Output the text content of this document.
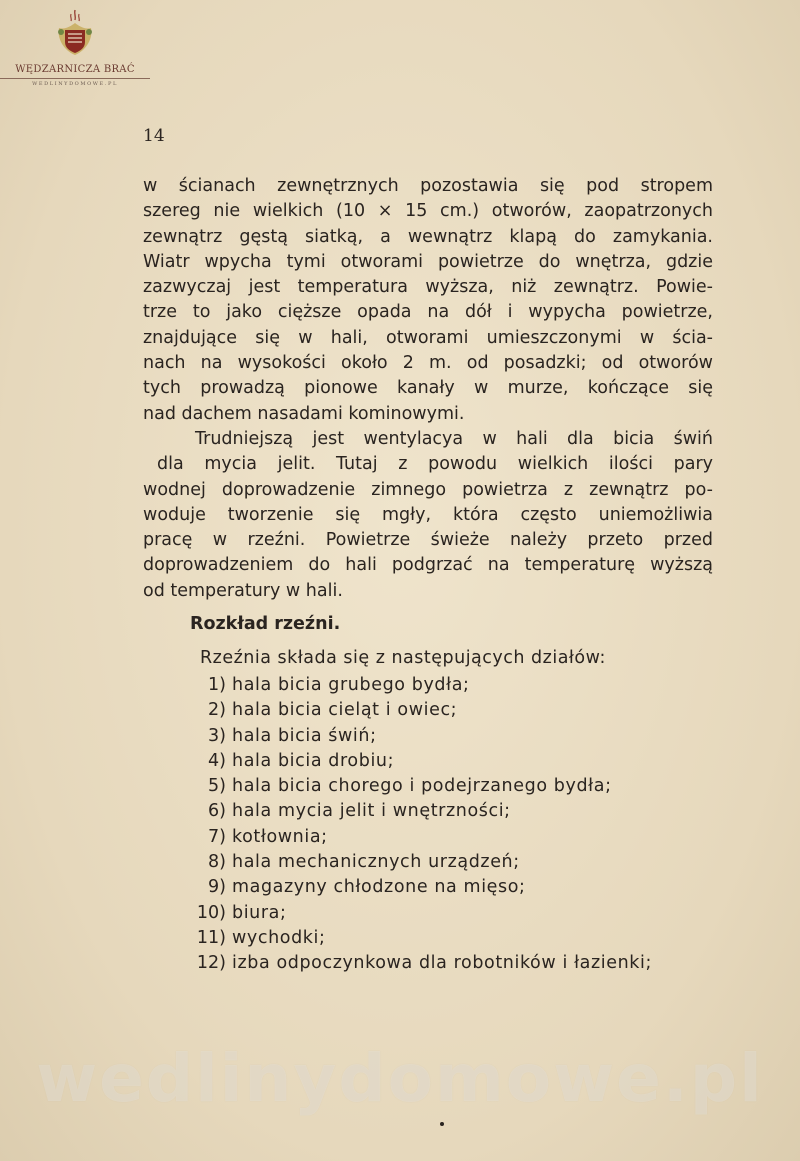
WĘDZARNICZA BRAĆ
WEDLINYDOMOWE.PL
14
w ścianach zewnętrznych pozostawia się pod stropem
szereg nie wielkich (10 × 15 cm.) otworów, zaopatrzonych
zewnątrz gęstą siatką, a wewnątrz klapą do zamykania.
Wiatr wpycha tymi otworami powietrze do wnętrza, gdzie
zazwyczaj jest temperatura wyższa, niż zewnątrz. Powie-
trze to jako cięższe opada na dół i wypycha powietrze,
znajdujące się w hali, otworami umieszczonymi w ścia-
nach na wysokości około 2 m. od posadzki; od otworów
tych prowadzą pionowe kanały w murze, kończące się
nad dachem nasadami kominowymi.
Trudniejszą jest wentylacya w hali dla bicia świń
dla mycia jelit. Tutaj z powodu wielkich ilości pary
wodnej doprowadzenie zimnego powietrza z zewnątrz po-
woduje tworzenie się mgły, która często uniemożliwia
pracę w rzeźni. Powietrze świeże należy przeto przed
doprowadzeniem do hali podgrzać na temperaturę wyższą
od temperatury w hali.
Rozkład rzeźni.
Rzeźnia składa się z następujących działów:
1) hala bicia grubego bydła;
2) hala bicia cieląt i owiec;
3) hala bicia świń;
4) hala bicia drobiu;
5) hala bicia chorego i podejrzanego bydła;
6) hala mycia jelit i wnętrzności;
7) kotłownia;
8) hala mechanicznych urządzeń;
9) magazyny chłodzone na mięso;
10) biura;
11) wychodki;
12) izba odpoczynkowa dla robotników i łazienki;
wedlinydomowe.pl
